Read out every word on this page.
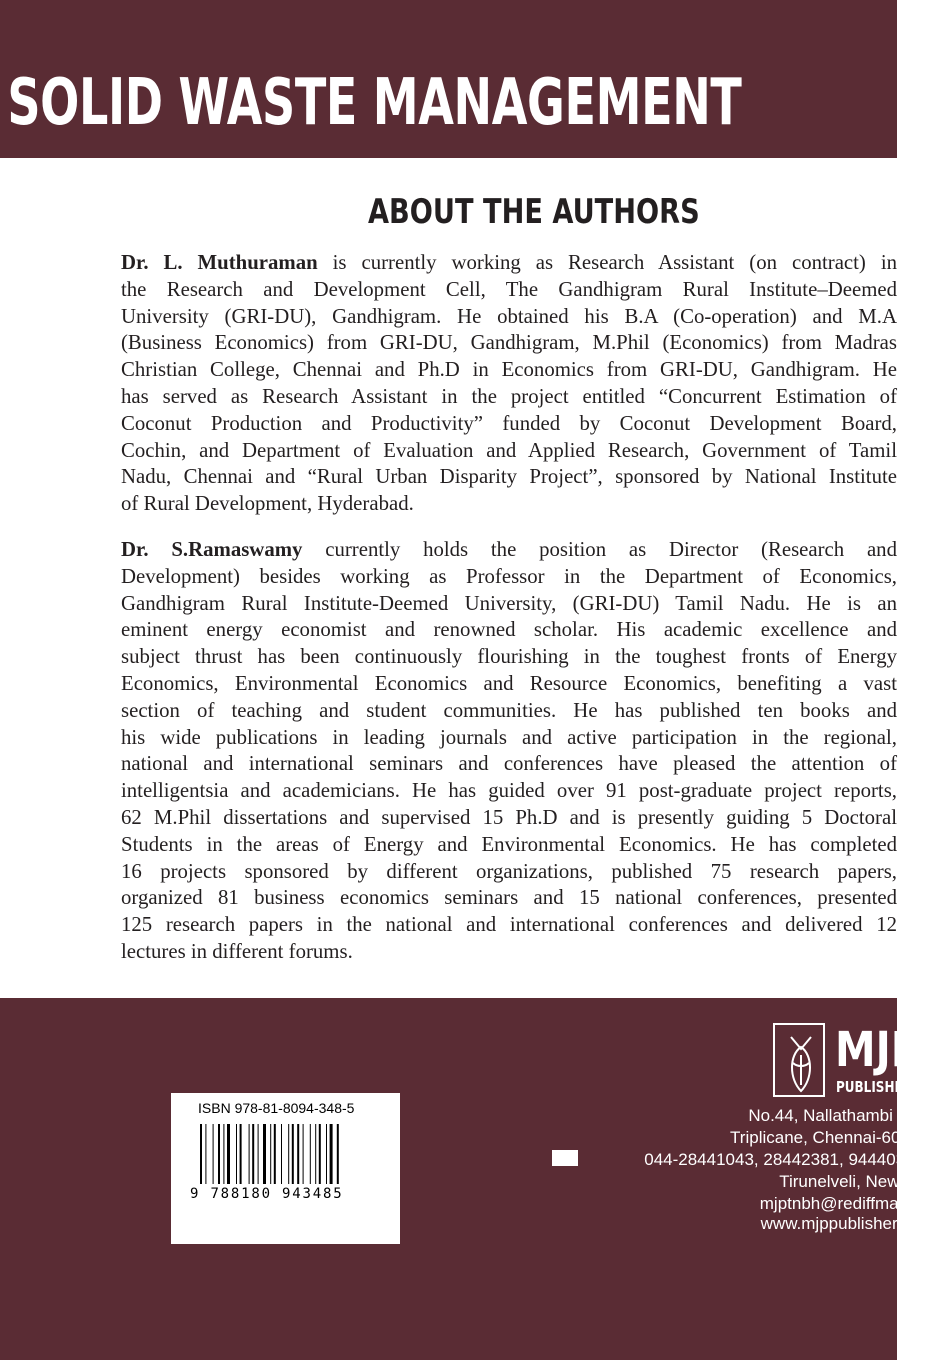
SOLID WASTE MANAGEMENT
ABOUT THE AUTHORS
Dr. L. Muthuraman is currently working as Research Assistant (on contract) in
the Research and Development Cell, The Gandhigram Rural Institute–Deemed
University (GRI-DU), Gandhigram. He obtained his B.A (Co-operation) and M.A
(Business Economics) from GRI-DU, Gandhigram, M.Phil (Economics) from Madras
Christian College, Chennai and Ph.D in Economics from GRI-DU, Gandhigram. He
has served as Research Assistant in the project entitled “Concurrent Estimation of
Coconut Production and Productivity” funded by Coconut Development Board,
Cochin, and Department of Evaluation and Applied Research, Government of Tamil
Nadu, Chennai and “Rural Urban Disparity Project”, sponsored by National Institute
of Rural Development, Hyderabad.
Dr. S.Ramaswamy currently holds the position as Director (Research and
Development) besides working as Professor in the Department of Economics,
Gandhigram Rural Institute-Deemed University, (GRI-DU) Tamil Nadu. He is an
eminent energy economist and renowned scholar. His academic excellence and
subject thrust has been continuously flourishing in the toughest fronts of Energy
Economics, Environmental Economics and Resource Economics, benefiting a vast
section of teaching and student communities. He has published ten books and
his wide publications in leading journals and active participation in the regional,
national and international seminars and conferences have pleased the attention of
intelligentsia and academicians. He has guided over 91 post-graduate project reports,
62 M.Phil dissertations and supervised 15 Ph.D and is presently guiding 5 Doctoral
Students in the areas of Energy and Environmental Economics. He has completed
16 projects sponsored by different organizations, published 75 research papers,
organized 81 business economics seminars and 15 national conferences, presented
125 research papers in the national and international conferences and delivered 12
lectures in different forums.
ISBN 978-81-8094-348-5
9 788180 943485
MJP
PUBLISHERS
No.44, Nallathambi Street
Triplicane, Chennai-600 005
044-28441043, 28442381, 9444037719
Tirunelveli, New Delhi
mjptnbh@rediffmail.com
www.mjppublishers.com
